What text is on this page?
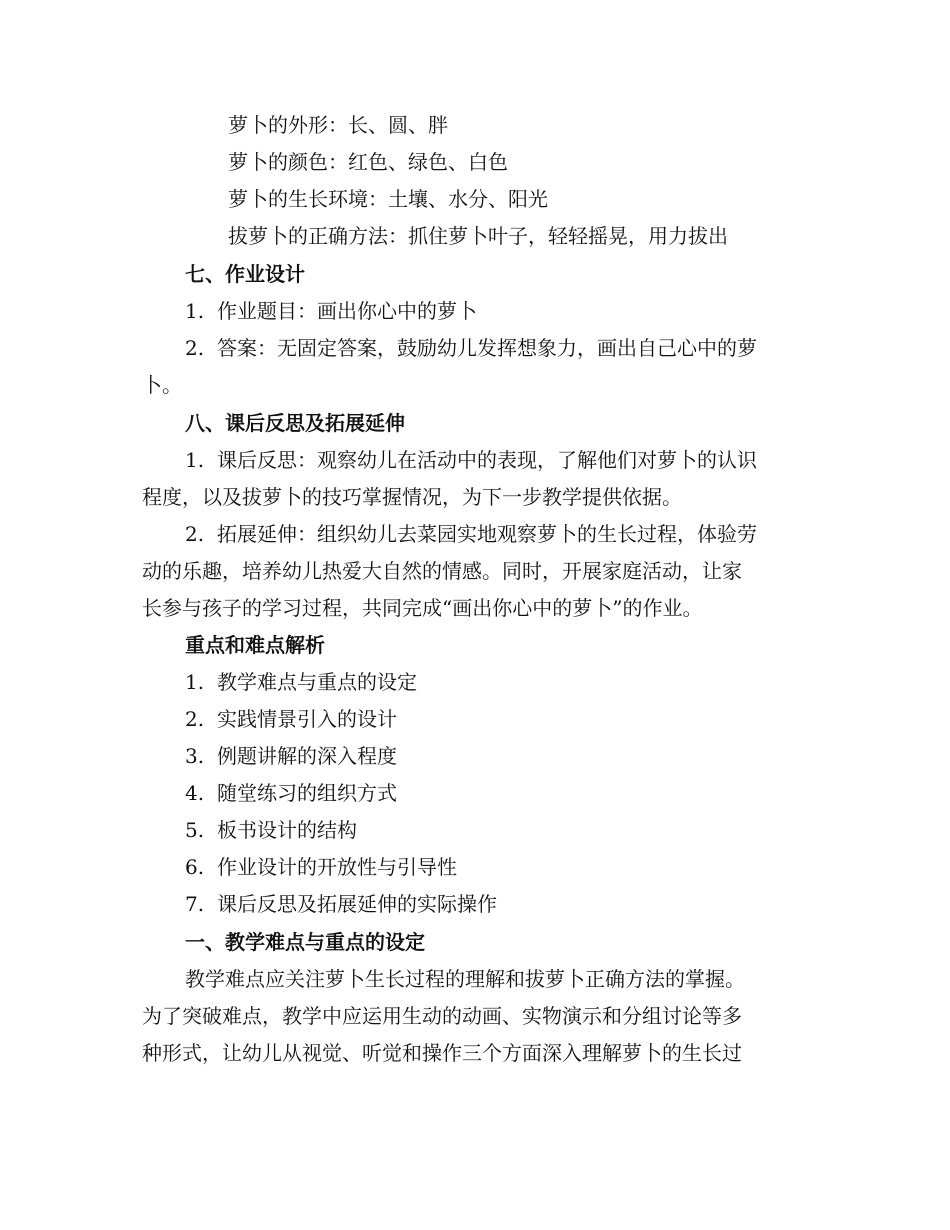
萝卜的外形：长、圆、胖
萝卜的颜色：红色、绿色、白色
萝卜的生长环境：土壤、水分、阳光
拔萝卜的正确方法：抓住萝卜叶子，轻轻摇晃，用力拔出
七、作业设计
1. 作业题目：画出你心中的萝卜
2. 答案：无固定答案，鼓励幼儿发挥想象力，画出自己心中的萝
卜。
八、课后反思及拓展延伸
1. 课后反思：观察幼儿在活动中的表现，了解他们对萝卜的认识
程度，以及拔萝卜的技巧掌握情况，为下一步教学提供依据。
2. 拓展延伸：组织幼儿去菜园实地观察萝卜的生长过程，体验劳
动的乐趣，培养幼儿热爱大自然的情感。同时，开展家庭活动，让家
长参与孩子的学习过程，共同完成“画出你心中的萝卜”的作业。
重点和难点解析
1. 教学难点与重点的设定
2. 实践情景引入的设计
3. 例题讲解的深入程度
4. 随堂练习的组织方式
5. 板书设计的结构
6. 作业设计的开放性与引导性
7. 课后反思及拓展延伸的实际操作
一、教学难点与重点的设定
教学难点应关注萝卜生长过程的理解和拔萝卜正确方法的掌握。
为了突破难点，教学中应运用生动的动画、实物演示和分组讨论等多
种形式，让幼儿从视觉、听觉和操作三个方面深入理解萝卜的生长过
